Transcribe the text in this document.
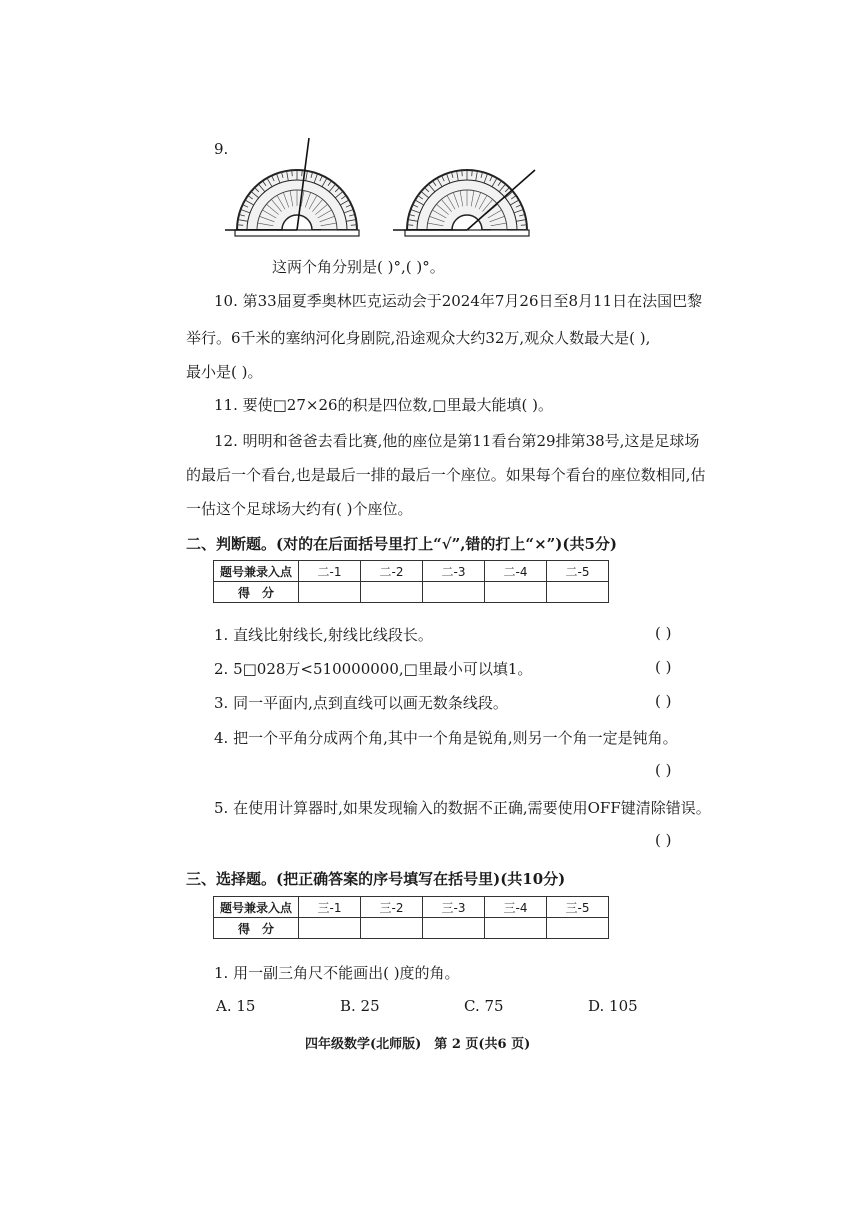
9.
这两个角分别是( )°,( )°。
10. 第33届夏季奥林匹克运动会于2024年7月26日至8月11日在法国巴黎
举行。6千米的塞纳河化身剧院,沿途观众大约32万,观众人数最大是( ),
最小是( )。
11. 要使□27×26的积是四位数,□里最大能填( )。
12. 明明和爸爸去看比赛,他的座位是第11看台第29排第38号,这是足球场
的最后一个看台,也是最后一排的最后一个座位。如果每个看台的座位数相同,估
一估这个足球场大约有( )个座位。
二、判断题。(对的在后面括号里打上“√”,错的打上“×”)(共5分)
题号兼录入点	二-1	二-2	二-3	二-4	二-5
得　分					
1. 直线比射线长,射线比线段长。	( )
2. 5□028万<510000000,□里最小可以填1。	( )
3. 同一平面内,点到直线可以画无数条线段。	( )
4. 把一个平角分成两个角,其中一个角是锐角,则另一个角一定是钝角。
( )
5. 在使用计算器时,如果发现输入的数据不正确,需要使用OFF键清除错误。
( )
三、选择题。(把正确答案的序号填写在括号里)(共10分)
题号兼录入点	三-1	三-2	三-3	三-4	三-5
得　分					
1. 用一副三角尺不能画出( )度的角。
A. 15	B. 25	C. 75	D. 105
四年级数学(北师版)　第 2 页(共6 页)
